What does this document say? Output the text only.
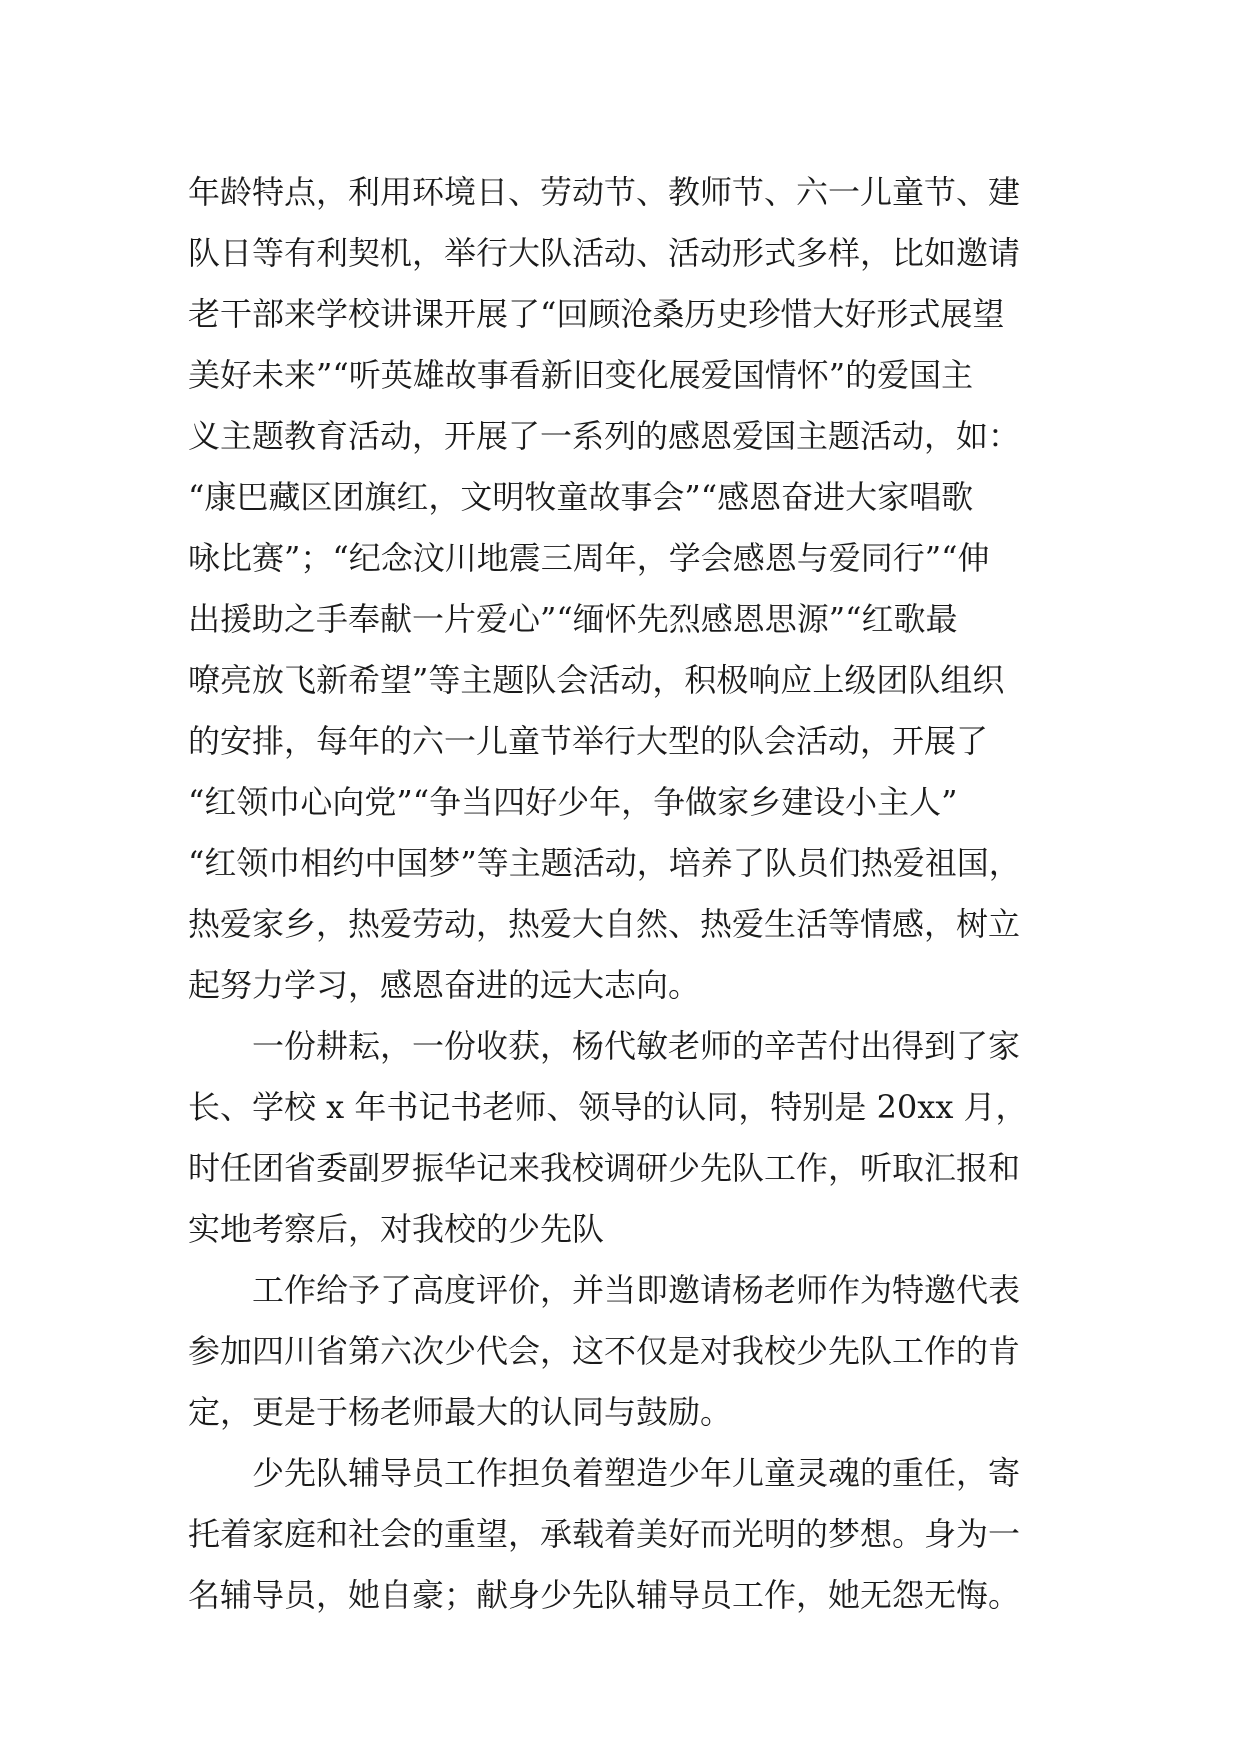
年龄特点，利用环境日、劳动节、教师节、六一儿童节、建
队日等有利契机，举行大队活动、活动形式多样，比如邀请
老干部来学校讲课开展了“回顾沧桑历史珍惜大好形式展望
美好未来”“听英雄故事看新旧变化展爱国情怀”的爱国主
义主题教育活动，开展了一系列的感恩爱国主题活动，如：
“康巴藏区团旗红，文明牧童故事会”“感恩奋进大家唱歌
咏比赛”；“纪念汶川地震三周年，学会感恩与爱同行”“伸
出援助之手奉献一片爱心”“缅怀先烈感恩思源”“红歌最
嘹亮放飞新希望”等主题队会活动，积极响应上级团队组织
的安排，每年的六一儿童节举行大型的队会活动，开展了
“红领巾心向党”“争当四好少年，争做家乡建设小主人”
“红领巾相约中国梦”等主题活动，培养了队员们热爱祖国，
热爱家乡，热爱劳动，热爱大自然、热爱生活等情感，树立
起努力学习，感恩奋进的远大志向。
　　一份耕耘，一份收获，杨代敏老师的辛苦付出得到了家
长、学校 x 年书记书老师、领导的认同，特别是 20xx 月，
时任团省委副罗振华记来我校调研少先队工作，听取汇报和
实地考察后，对我校的少先队
　　工作给予了高度评价，并当即邀请杨老师作为特邀代表
参加四川省第六次少代会，这不仅是对我校少先队工作的肯
定，更是于杨老师最大的认同与鼓励。
　　少先队辅导员工作担负着塑造少年儿童灵魂的重任，寄
托着家庭和社会的重望，承载着美好而光明的梦想。身为一
名辅导员，她自豪；献身少先队辅导员工作，她无怨无悔。
